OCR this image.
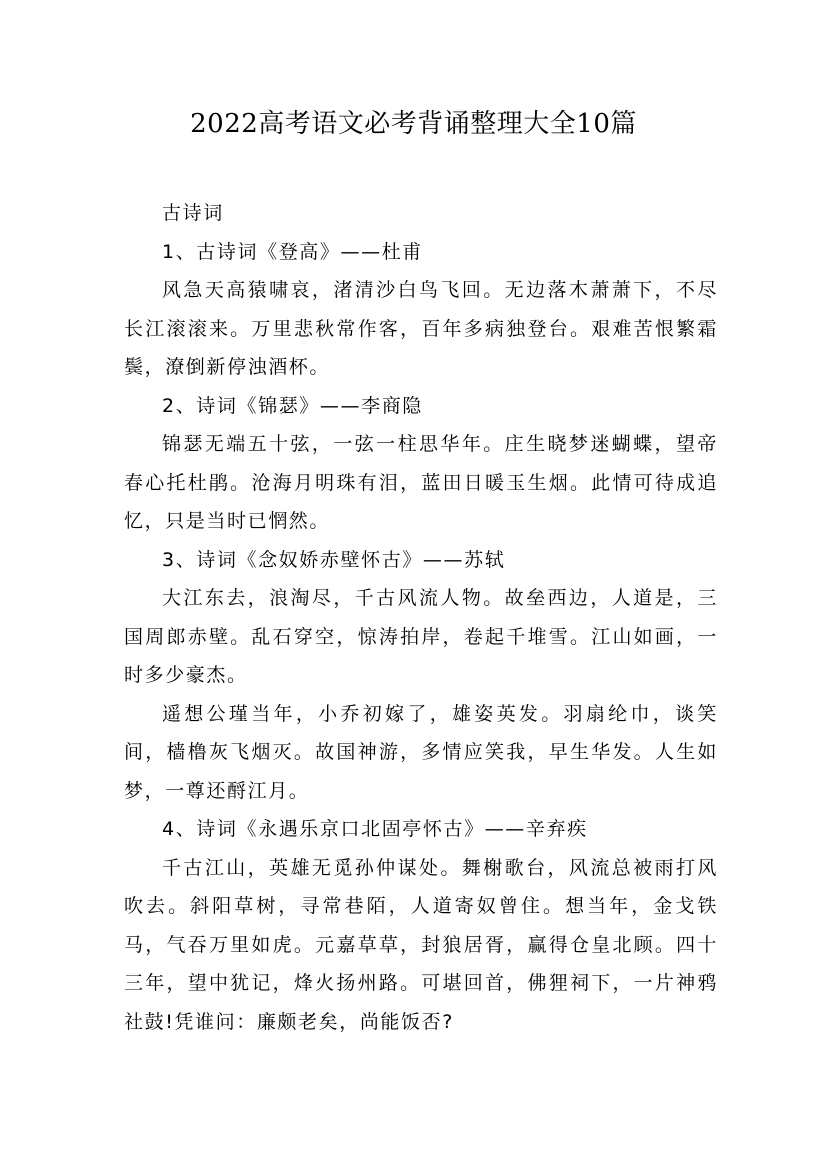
2022高考语文必考背诵整理大全10篇

古诗词

1、古诗词《登高》——杜甫

风急天高猿啸哀，渚清沙白鸟飞回。无边落木萧萧下，不尽长江滚滚来。万里悲秋常作客，百年多病独登台。艰难苦恨繁霜鬓，潦倒新停浊酒杯。

2、诗词《锦瑟》——李商隐

锦瑟无端五十弦，一弦一柱思华年。庄生晓梦迷蝴蝶，望帝春心托杜鹃。沧海月明珠有泪，蓝田日暖玉生烟。此情可待成追忆，只是当时已惘然。

3、诗词《念奴娇赤壁怀古》——苏轼

大江东去，浪淘尽，千古风流人物。故垒西边，人道是，三国周郎赤壁。乱石穿空，惊涛拍岸，卷起千堆雪。江山如画，一时多少豪杰。

遥想公瑾当年，小乔初嫁了，雄姿英发。羽扇纶巾，谈笑间，樯橹灰飞烟灭。故国神游，多情应笑我，早生华发。人生如梦，一尊还酹江月。

4、诗词《永遇乐京口北固亭怀古》——辛弃疾

千古江山，英雄无觅孙仲谋处。舞榭歌台，风流总被雨打风吹去。斜阳草树，寻常巷陌，人道寄奴曾住。想当年，金戈铁马，气吞万里如虎。元嘉草草，封狼居胥，赢得仓皇北顾。四十三年，望中犹记，烽火扬州路。可堪回首，佛狸祠下，一片神鸦社鼓!凭谁问：廉颇老矣，尚能饭否?
